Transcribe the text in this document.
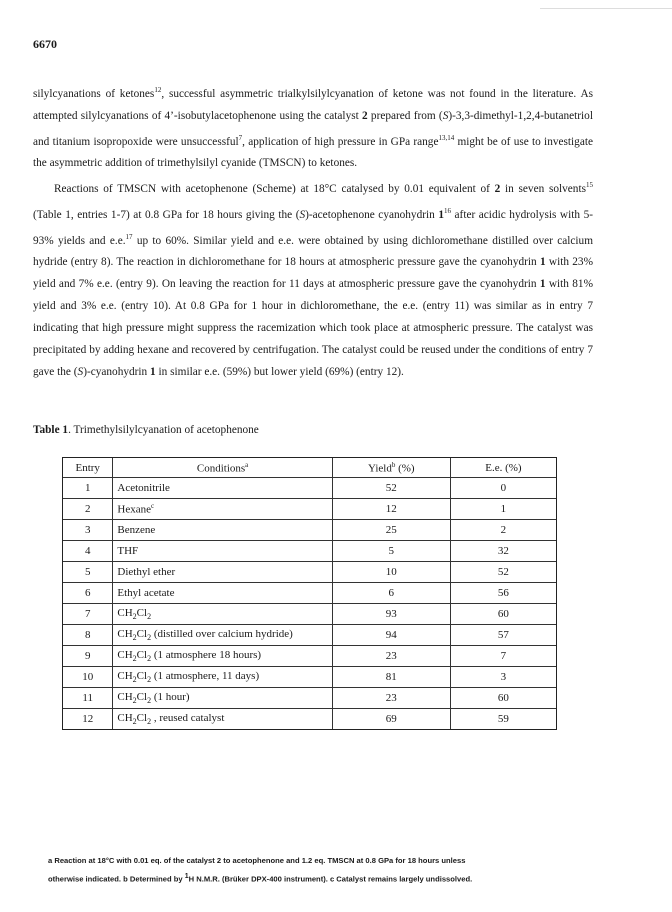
6670

silylcyanations of ketones$^{12}$, successful asymmetric trialkylsilylcyanation of ketone was not found in the literature. As attempted silylcyanations of 4’-isobutylacetophenone using the catalyst 2 prepared from (S)-3,3-dimethyl-1,2,4-butanetriol and titanium isopropoxide were unsuccessful$^7$, application of high pressure in GPa range$^{13,14}$ might be of use to investigate the asymmetric addition of trimethylsilyl cyanide (TMSCN) to ketones.

Reactions of TMSCN with acetophenone (Scheme) at 18°C catalysed by 0.01 equivalent of 2 in seven solvents$^{15}$ (Table 1, entries 1-7) at 0.8 GPa for 18 hours giving the (S)-acetophenone cyanohydrin $1^{16}$ after acidic hydrolysis with 5-93% yields and e.e.$^{17}$ up to 60%. Similar yield and e.e. were obtained by using dichloromethane distilled over calcium hydride (entry 8). The reaction in dichloromethane for 18 hours at atmospheric pressure gave the cyanohydrin 1 with 23% yield and 7% e.e. (entry 9). On leaving the reaction for 11 days at atmospheric pressure gave the cyanohydrin 1 with 81% yield and 3% e.e. (entry 10). At 0.8 GPa for 1 hour in dichloromethane, the e.e. (entry 11) was similar as in entry 7 indicating that high pressure might suppress the racemization which took place at atmospheric pressure. The catalyst was precipitated by adding hexane and recovered by centrifugation. The catalyst could be reused under the conditions of entry 7 gave the (S)-cyanohydrin 1 in similar e.e. (59%) but lower yield (69%) (entry 12).

Table 1. Trimethylsilylcyanation of acetophenone
Entry	Conditions$^a$	Yield$^b$ (%)	E.e. (%)
1	Acetonitrile	52	0
2	Hexane$^c$	12	1
3	Benzene	25	2
4	THF	5	32
5	Diethyl ether	10	52
6	Ethyl acetate	6	56
7	$CH_2Cl_2$	93	60
8	$CH_2Cl_2$ (distilled over calcium hydride)	94	57
9	$CH_2Cl_2$ (1 atmosphere 18 hours)	23	7
10	$CH_2Cl_2$ (1 atmosphere, 11 days)	81	3
11	$CH_2Cl_2$ (1 hour)	23	60
12	$CH_2Cl_2$ , reused catalyst	69	59

a Reaction at 18°C with 0.01 eq. of the catalyst 2 to acetophenone and 1.2 eq. TMSCN at 0.8 GPa for 18 hours unless

otherwise indicated. b Determined by $^1$H N.M.R. (Brüker DPX-400 instrument). c Catalyst remains largely undissolved.
